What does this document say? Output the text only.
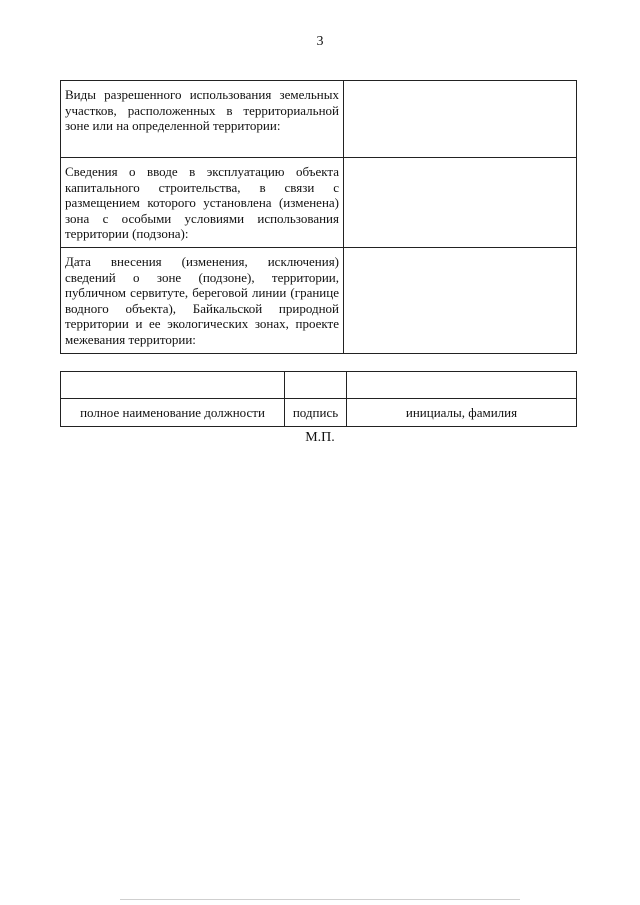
3
Виды разрешенного использования земельных участков, расположенных в территориальной зоне или на определенной территории:	
Сведения о вводе в эксплуатацию объекта капитального строительства, в связи с размещением которого установлена (изменена) зона с особыми условиями использования территории (подзона):	
Дата внесения (изменения, исключения) сведений о зоне (подзоне), территории, публичном сервитуте, береговой линии (границе водного объекта), Байкальской природной территории и ее экологических зонах, проекте межевания территории:	

полное наименование должности	подпись	инициалы, фамилия
М.П.
